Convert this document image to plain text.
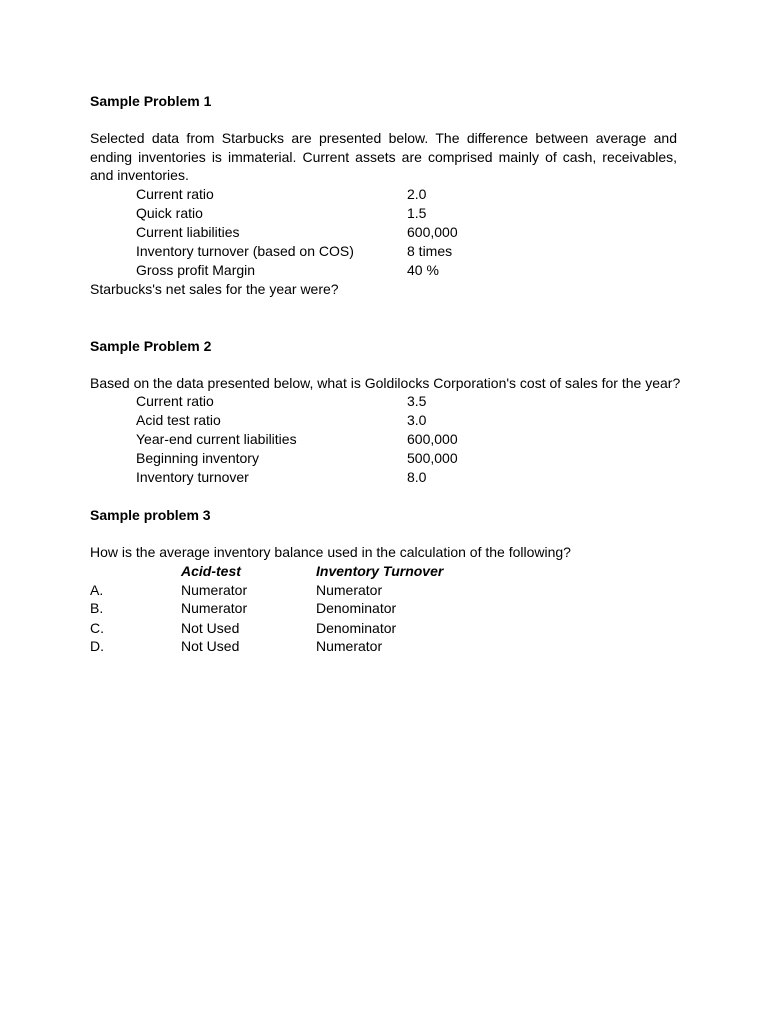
Sample Problem 1

Selected data from Starbucks are presented below. The difference between average and ending inventories is immaterial. Current assets are comprised mainly of cash, receivables, and inventories.

Current ratio	2.0
Quick ratio	1.5
Current liabilities	600,000
Inventory turnover (based on COS)	8 times
Gross profit Margin	40 %
Starbucks's net sales for the year were?
Sample Problem 2
Based on the data presented below, what is Goldilocks Corporation's cost of sales for the year?
Current ratio	3.5
Acid test ratio	3.0
Year-end current liabilities	600,000
Beginning inventory	500,000
Inventory turnover	8.0
Sample problem 3
How is the average inventory balance used in the calculation of the following?
Acid-test	Inventory Turnover
A.	Numerator	Numerator
B.	Numerator	Denominator
C.	Not Used	Denominator
D.	Not Used	Numerator
